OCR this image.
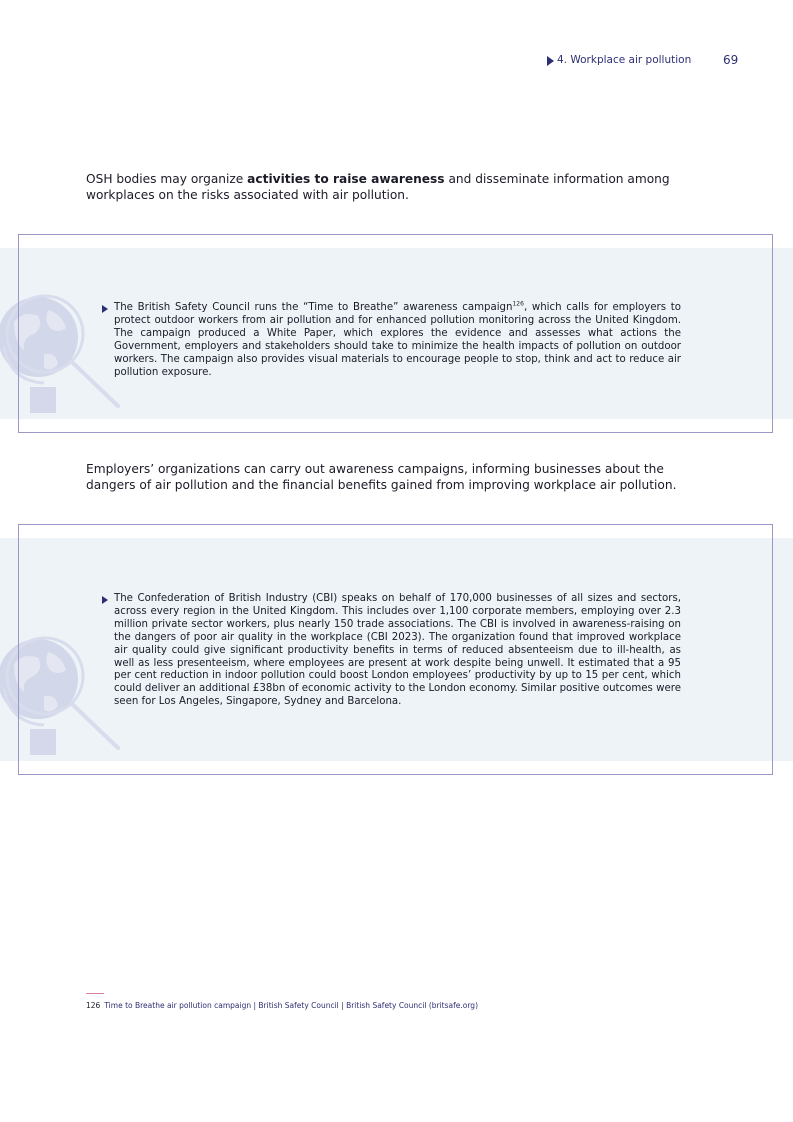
4. Workplace air pollution	69

OSH bodies may organize activities to raise awareness and disseminate information among workplaces on the risks associated with air pollution.

The British Safety Council runs the “Time to Breathe” awareness campaign$^{126}$, which calls for employers to protect outdoor workers from air pollution and for enhanced pollution monitoring across the United Kingdom. The campaign produced a White Paper, which explores the evidence and assesses what actions the Government, employers and stakeholders should take to minimize the health impacts of pollution on outdoor workers. The campaign also provides visual materials to encourage people to stop, think and act to reduce air pollution exposure.

Employers’ organizations can carry out awareness campaigns, informing businesses about the dangers of air pollution and the financial benefits gained from improving workplace air pollution.

The Confederation of British Industry (CBI) speaks on behalf of 170,000 businesses of all sizes and sectors, across every region in the United Kingdom. This includes over 1,100 corporate members, employing over 2.3 million private sector workers, plus nearly 150 trade associations. The CBI is involved in awareness-raising on the dangers of poor air quality in the workplace (CBI 2023). The organization found that improved workplace air quality could give significant productivity benefits in terms of reduced absenteeism due to ill-health, as well as less presenteeism, where employees are present at work despite being unwell. It estimated that a 95 per cent reduction in indoor pollution could boost London employees’ productivity by up to 15 per cent, which could deliver an additional £38bn of economic activity to the London economy. Similar positive outcomes were seen for Los Angeles, Singapore, Sydney and Barcelona.

126 Time to Breathe air pollution campaign | British Safety Council | British Safety Council (britsafe.org)
